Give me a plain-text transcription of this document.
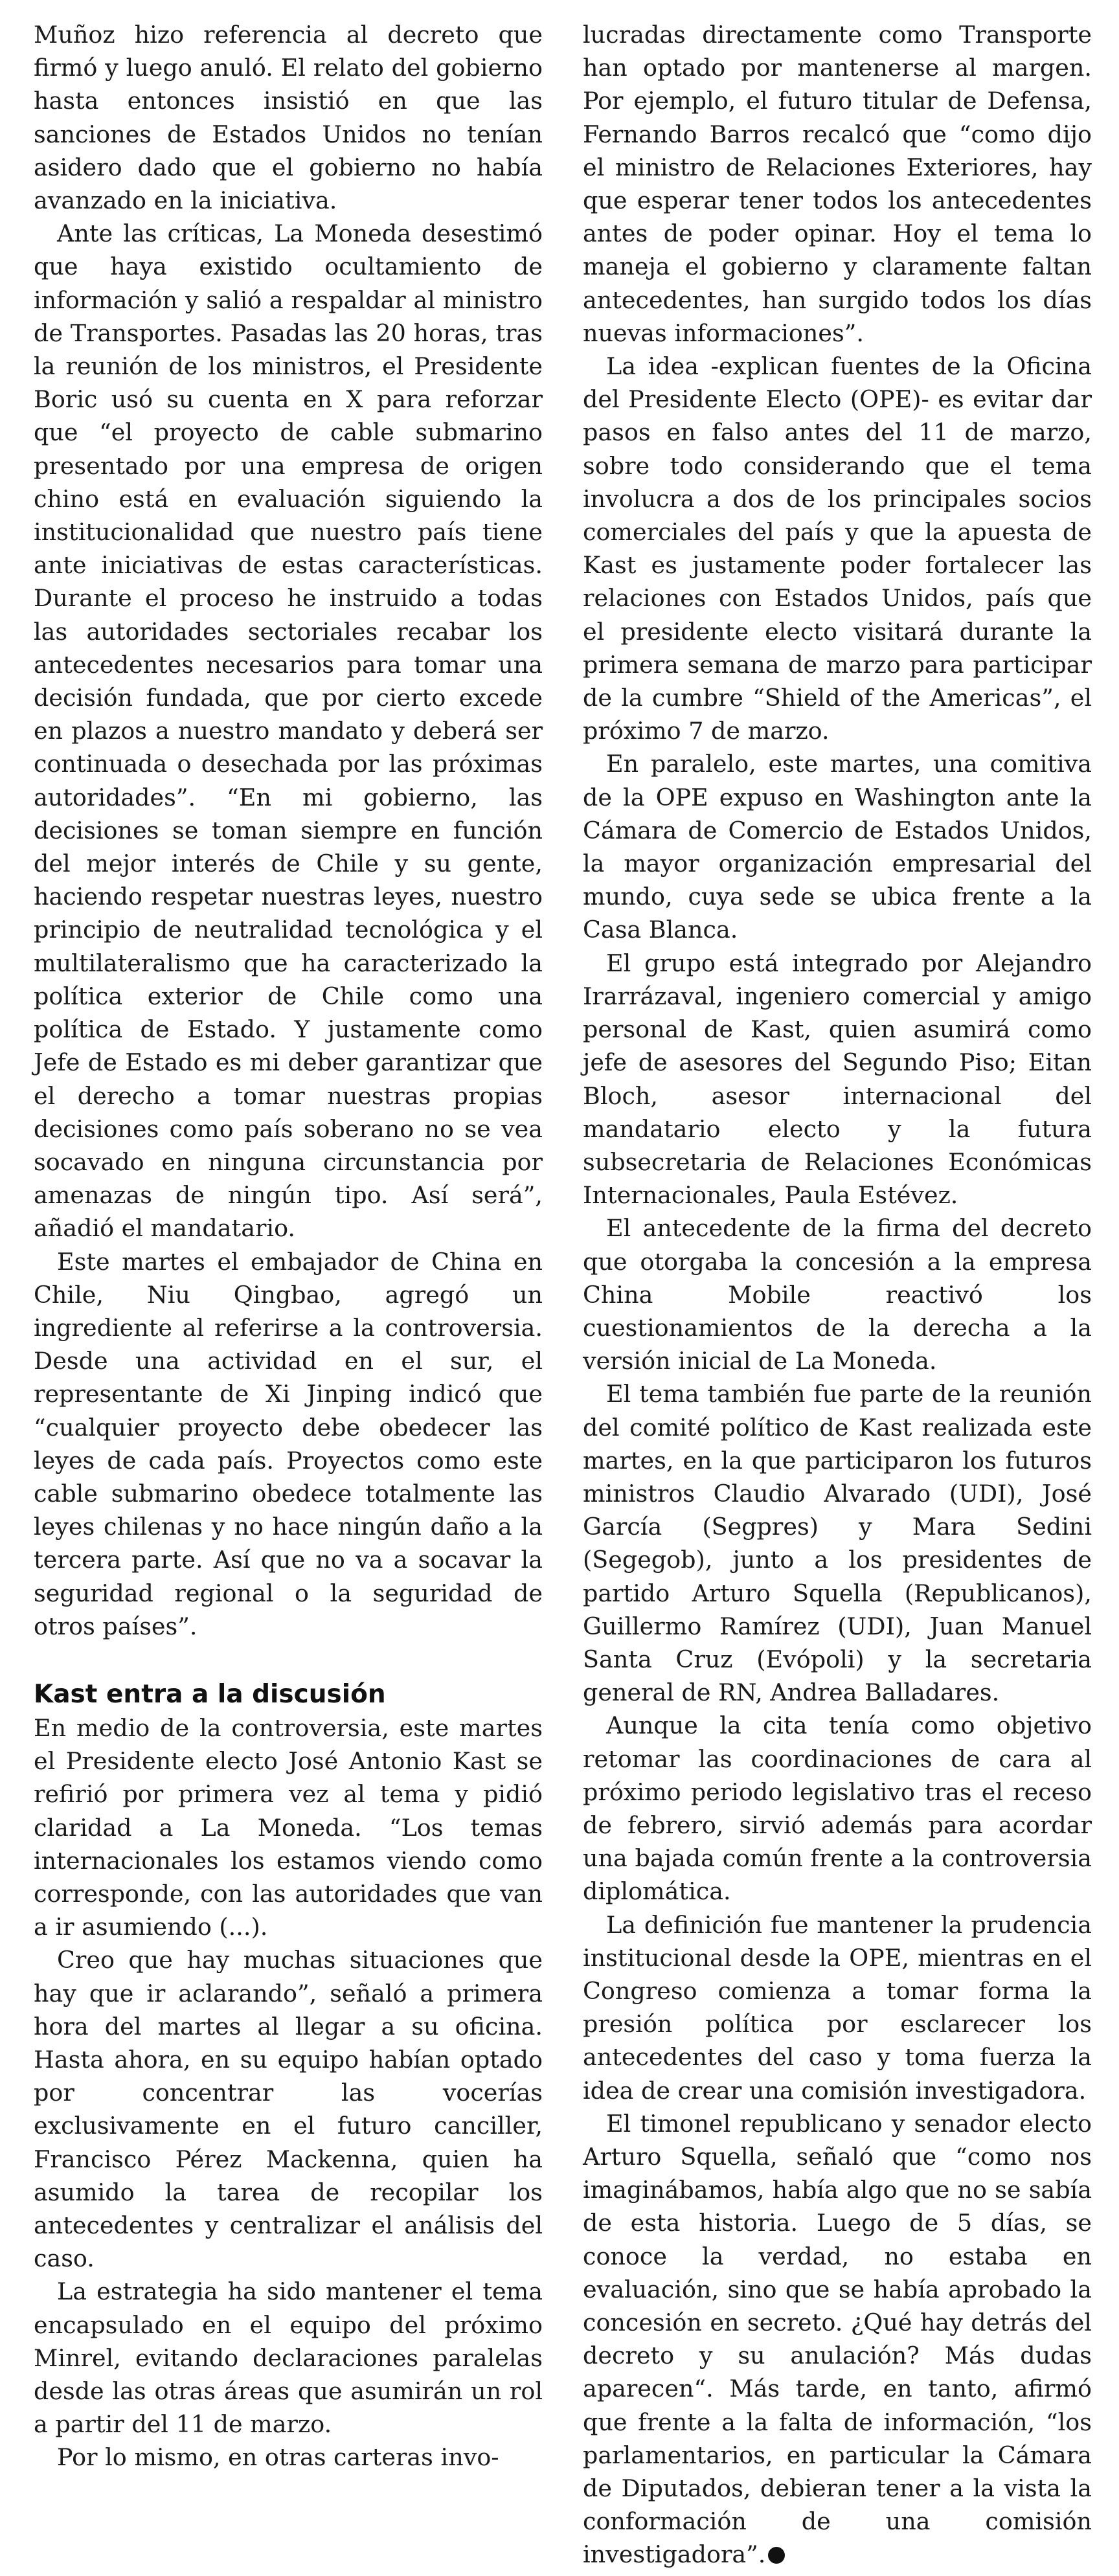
Muñoz hizo referencia al decreto que firmó y luego anuló. El relato del gobierno hasta entonces insistió en que las sanciones de Estados Unidos no tenían asidero dado que el gobierno no había avanzado en la iniciativa.

Ante las críticas, La Moneda desestimó que haya existido ocultamiento de información y salió a respaldar al ministro de Transportes. Pasadas las 20 horas, tras la reunión de los ministros, el Presidente Boric usó su cuenta en X para reforzar que “el proyecto de cable submarino presentado por una empresa de origen chino está en evaluación siguiendo la institucionalidad que nuestro país tiene ante iniciativas de estas características. Durante el proceso he instruido a todas las autoridades sectoriales recabar los antecedentes necesarios para tomar una decisión fundada, que por cierto excede en plazos a nuestro mandato y deberá ser continuada o desechada por las próximas autoridades”. “En mi gobierno, las decisiones se toman siempre en función del mejor interés de Chile y su gente, haciendo respetar nuestras leyes, nuestro principio de neutralidad tecnológica y el multilateralismo que ha caracterizado la política exterior de Chile como una política de Estado. Y justamente como Jefe de Estado es mi deber garantizar que el derecho a tomar nuestras propias decisiones como país soberano no se vea socavado en ninguna circunstancia por amenazas de ningún tipo. Así será”, añadió el mandatario.

Este martes el embajador de China en Chile, Niu Qingbao, agregó un ingrediente al referirse a la controversia. Desde una actividad en el sur, el representante de Xi Jinping indicó que “cualquier proyecto debe obedecer las leyes de cada país. Proyectos como este cable submarino obedece totalmente las leyes chilenas y no hace ningún daño a la tercera parte. Así que no va a socavar la seguridad regional o la seguridad de otros países”.

Kast entra a la discusión

En medio de la controversia, este martes el Presidente electo José Antonio Kast se refirió por primera vez al tema y pidió claridad a La Moneda. “Los temas internacionales los estamos viendo como corresponde, con las autoridades que van a ir asumiendo (...).

Creo que hay muchas situaciones que hay que ir aclarando”, señaló a primera hora del martes al llegar a su oficina. Hasta ahora, en su equipo habían optado por concentrar las vocerías exclusivamente en el futuro canciller, Francisco Pérez Mackenna, quien ha asumido la tarea de recopilar los antecedentes y centralizar el análisis del caso.

La estrategia ha sido mantener el tema encapsulado en el equipo del próximo Minrel, evitando declaraciones paralelas desde las otras áreas que asumirán un rol a partir del 11 de marzo.

Por lo mismo, en otras carteras invo-

lucradas directamente como Transporte han optado por mantenerse al margen. Por ejemplo, el futuro titular de Defensa, Fernando Barros recalcó que “como dijo el ministro de Relaciones Exteriores, hay que esperar tener todos los antecedentes antes de poder opinar. Hoy el tema lo maneja el gobierno y claramente faltan antecedentes, han surgido todos los días nuevas informaciones”.

La idea -explican fuentes de la Oficina del Presidente Electo (OPE)- es evitar dar pasos en falso antes del 11 de marzo, sobre todo considerando que el tema involucra a dos de los principales socios comerciales del país y que la apuesta de Kast es justamente poder fortalecer las relaciones con Estados Unidos, país que el presidente electo visitará durante la primera semana de marzo para participar de la cumbre “Shield of the Americas”, el próximo 7 de marzo.

En paralelo, este martes, una comitiva de la OPE expuso en Washington ante la Cámara de Comercio de Estados Unidos, la mayor organización empresarial del mundo, cuya sede se ubica frente a la Casa Blanca.

El grupo está integrado por Alejandro Irarrázaval, ingeniero comercial y amigo personal de Kast, quien asumirá como jefe de asesores del Segundo Piso; Eitan Bloch, asesor internacional del mandatario electo y la futura subsecretaria de Relaciones Económicas Internacionales, Paula Estévez.

El antecedente de la firma del decreto que otorgaba la concesión a la empresa China Mobile reactivó los cuestionamientos de la derecha a la versión inicial de La Moneda.

El tema también fue parte de la reunión del comité político de Kast realizada este martes, en la que participaron los futuros ministros Claudio Alvarado (UDI), José García (Segpres) y Mara Sedini (Segegob), junto a los presidentes de partido Arturo Squella (Republicanos), Guillermo Ramírez (UDI), Juan Manuel Santa Cruz (Evópoli) y la secretaria general de RN, Andrea Balladares.

Aunque la cita tenía como objetivo retomar las coordinaciones de cara al próximo periodo legislativo tras el receso de febrero, sirvió además para acordar una bajada común frente a la controversia diplomática.

La definición fue mantener la prudencia institucional desde la OPE, mientras en el Congreso comienza a tomar forma la presión política por esclarecer los antecedentes del caso y toma fuerza la idea de crear una comisión investigadora.

El timonel republicano y senador electo Arturo Squella, señaló que “como nos imaginábamos, había algo que no se sabía de esta historia. Luego de 5 días, se conoce la verdad, no estaba en evaluación, sino que se había aprobado la concesión en secreto. ¿Qué hay detrás del decreto y su anulación? Más dudas aparecen“. Más tarde, en tanto, afirmó que frente a la falta de información, “los parlamentarios, en particular la Cámara de Diputados, debieran tener a la vista la conformación de una comisión investigadora”.
